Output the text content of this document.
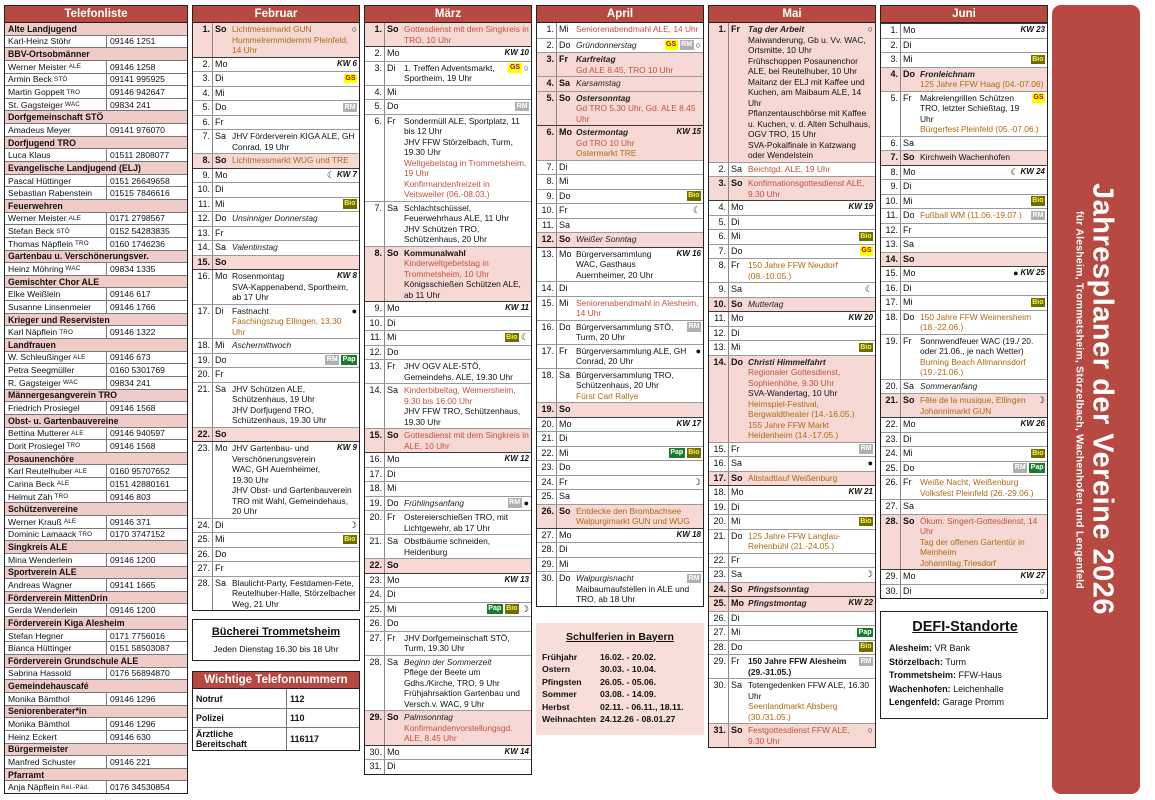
Telefonliste
Alte Landjugend
Karl-Heinz Stöhr	09146 1251
BBV-Ortsobmänner
Werner Meister ALE	09146 1258
Armin Beck STÖ	09141 995925
Martin Goppelt TRO	09146 942647
St. Gagsteiger WAC	09834 241
Dorfgemeinschaft STÖ
Amadeus Meyer	09141 976070
Dorfjugend TRO
Luca Klaus	01511 2808077
Evangelische Landjugend (ELJ)
Pascal Hüttinger	0151 26649658
Sebastian Rabenstein	01515 7846616
Feuerwehren
Werner Meister ALE	0171 2798567
Stefan Beck STÖ	0152 54283835
Thomas Näpflein TRO	0160 1746236
Gartenbau u. Verschönerungsver.
Heinz Möhring WAC	09834 1335
Gemischter Chor ALE
Elke Weißlein	09146 617
Susanne Linsenmeier	09146 1766
Krieger und Reservisten
Karl Näpflein TRO	09146 1322
Landfrauen
W. Schleußinger ALE	09146 673
Petra Seegmüller	0160 5301769
R. Gagsteiger WAC	09834 241
Männergesangverein TRO
Friedrich Prosiegel	09146 1568
Obst- u. Gartenbauvereine
Bettina Mutterer ALE	09146 940597
Dorit Prosiegel TRO	09146 1568
Posaunenchöre
Karl Reutelhuber ALE	0160 95707652
Carina Beck ALE	0151 42880161
Helmut Zäh TRO	09146 803
Schützenvereine
Werner Krauß ALE	09146 371
Dominic Lamaack TRO	0170 3747152
Singkreis ALE
Mina Wenderlein	09146 1200
Sportverein ALE
Andreas Wagner	09141 1665
Förderverein MittenDrin
Gerda Wenderlein	09146 1200
Förderverein Kiga Alesheim
Stefan Hegner	0171 7756016
Bianca Hüttinger	0151 58503087
Förderverein Grundschule ALE
Sabrina Hassold	0176 56894870
Gemeindehauscafé
Monika Bämthol	09146 1296
Seniorenberater*in
Monika Bämthol	09146 1296
Heinz Eckert	09146 630
Bürgermeister
Manfred Schuster	09146 221
Pfarramt
Anja Näpflein Rel.-Päd.	0176 34530854
Februar
1. So Lichtmessmarkt GUN	○
Hummelremmidemmi Pleinfeld, 14 Uhr
2. Mo	KW 6
3. Di	GS
4. Mi
5. Do	RM
6. Fr
7. Sa JHV Förderverein KIGA ALE, GH Conrad, 19 Uhr
8. So Lichtmessmarkt WUG und TRE
9. Mo	☾ KW 7
10. Di
11. Mi	Bio
12. Do Unsinniger Donnerstag
13. Fr
14. Sa Valentinstag
15. So
16. Mo Rosenmontag	KW 8
SVA-Kappenabend, Sportheim, ab 17 Uhr
17. Di	Fastnacht	●
Faschingszug Ellingen, 13.30 Uhr
18. Mi Aschermittwoch
19. Do	RM Pap
20. Fr
21. Sa JHV Schützen ALE, Schützenhaus, 19 Uhr
JHV Dorfjugend TRO, Schützenhaus, 19.30 Uhr
22. So
23. Mo JHV Gartenbau- und Verschönerungsverein WAC, GH Auernheimer, 19.30 Uhr
KW 9
JHV Obst- und Gartenbauverein TRO mit Wahl, Gemeindehaus, 20 Uhr
24. Di	☽
25. Mi	Bio
26. Do
27. Fr
28. Sa Blaulicht-Party, Festdamen-Fete, Reutelhuber-Halle, Störzelbacher Weg, 21 Uhr
Bücherei Trommetsheim
Jeden Dienstag 16.30 bis 18 Uhr
Wichtige Telefonnummern
Notruf	112
Polizei	110
Ärztliche Bereitschaft	116117
März
1. So Gottesdienst mit dem Singkreis in TRO, 10 Uhr
2. Mo	KW 10
3. Di	1. Treffen Adventsmarkt, Sportheim, 19 Uhr
GS ○
4. Mi
5. Do	RM
6. Fr	Sondermüll ALE, Sportplatz, 11 bis 12 Uhr
JHV FFW Störzelbach, Turm, 19.30 Uhr
Weltgebetstag in Trommetsheim, 19 Uhr
Konfirmandenfreizeit in Veitsweiler (06.-08.03.)
7. Sa Schlachtschüssel, Feuerwehrhaus ALE, 11 Uhr
JHV Schützen TRO, Schützenhaus, 20 Uhr
8. So Kommunalwahl
Kinderweltgebetstag in Trommetsheim, 10 Uhr
Königsschießen Schützen ALE, ab 11 Uhr
9. Mo	KW 11
10. Di
11. Mi	Bio ☾
12. Do
13. Fr	JHV OGV ALE-STÖ, Gemeindehs. ALE, 19.30 Uhr
14. Sa Kinderbibeltag, Weimersheim, 9.30 bis 16.00 Uhr
JHV FFW TRO, Schützenhaus, 19.30 Uhr
15. So Gottesdienst mit dem Singkreis in ALE, 10 Uhr
16. Mo	KW 12
17. Di
18. Mi
19. Do Frühlingsanfang	RM ●
20. Fr	Ostereierschießen TRO, mit Lichtgewehr, ab 17 Uhr
21. Sa Obstbäume schneiden, Heidenburg
22. So
23. Mo	KW 13
24. Di
25. Mi	Pap Bio ☽
26. Do
27. Fr	JHV Dorfgemeinschaft STÖ, Turm, 19.30 Uhr
28. Sa Beginn der Sommerzeit
Pflege der Beete um Gdhs./Kirche, TRO, 9 Uhr
Frühjahrsaktion Gartenbau und Versch.v. WAC, 9 Uhr
29. So Palmsonntag
Konfirmandenvorstellungsgd. ALE, 8.45 Uhr
30. Mo	KW 14
31. Di
April
1. Mi Seniorenabendmahl ALE, 14 Uhr
2. Do Gründonnerstag	GS RM ○
3. Fr Karfreitag
Gd ALE 8.45, TRO 10 Uhr
4. Sa Karsamstag
5. So Ostersonntag
Gd TRO 5.30 Uhr, Gd. ALE 8.45 Uhr
6. Mo Ostermontag	KW 15
Gd TRO 10 Uhr
Ostermarkt TRE
7. Di
8. Mi
9. Do	Bio
10. Fr	☾
11. Sa
12. So Weißer Sonntag
13. Mo Bürgerversammlung WAC, Gasthaus Auernheimer, 20 Uhr
KW 16
14. Di
15. Mi Seniorenabendmahl in Alesheim, 14 Uhr
16. Do Bürgerversammlung STÖ, Turm, 20 Uhr
RM
17. Fr	Bürgerversammlung ALE, GH Conrad, 20 Uhr
●
18. Sa Bürgerversammlung TRO, Schützenhaus, 20 Uhr
Fürst Carl Rallye
19. So
20. Mo	KW 17
21. Di
22. Mi	Pap Bio
23. Do
24. Fr	☽
25. Sa
26. So Entdecke den Brombachsee
Walpurgimarkt GUN und WUG
27. Mo	KW 18
28. Di
29. Mi
30. Do Walpurgisnacht	RM
Maibaumaufstellen in ALE und TRO, ab 18 Uhr
Schulferien in Bayern
Frühjahr	16.02. - 20.02.
Ostern	30.03. - 10.04.
Pfingsten	26.05. - 05.06.
Sommer	03.08. - 14.09.
Herbst	02.11. - 06.11., 18.11.
Weihnachten 24.12.26 - 08.01.27
Mai
1. Fr Tag der Arbeit	○
Maiwanderung, Gb u. Vv. WAC, Ortsmitte, 10 Uhr
Frühschoppen Posaunenchor ALE, bei Reutelhuber, 10 Uhr
Maitanz der ELJ mit Kaffee und Kuchen, am Maibaum ALE, 14 Uhr
Pflanzentauschbörse mit Kaffee u. Kuchen, v. d. Alten Schulhaus, OGV TRO, 15 Uhr
SVA-Pokalfinale in Katzwang oder Wendelstein
2. Sa Beichtgd. ALE, 19 Uhr
3. So Konfirmationsgottesdienst ALE, 9.30 Uhr
4. Mo	KW 19
5. Di
6. Mi	Bio
7. Do	GS
8. Fr	150 Jahre FFW Neudorf (08.-10.05.)
9. Sa	☾
10. So Muttertag
11. Mo	KW 20
12. Di
13. Mi	Bio
14. Do Christi Himmelfahrt
Regionaler Gottesdienst, Sophienhöhe, 9.30 Uhr
SVA-Wandertag, 10 Uhr
Heimspiel-Festival, Bergwaldtheater (14.-16.05.)
155 Jahre FFW Markt Heidenheim (14.-17.05.)
15. Fr	RM
16. Sa	●
17. So Altstadtlauf Weißenburg
18. Mo	KW 21
19. Di
20. Mi	Bio
21. Do 125 Jahre FFW Langlau-Rehenbühl (21.-24.05.)
22. Fr
23. Sa	☽
24. So Pfingstsonntag
25. Mo Pfingstmontag	KW 22
26. Di
27. Mi	Pap
28. Do	Bio
29. Fr	150 Jahre FFW Alesheim (29.-31.05.)
RM
30. Sa Totengedenken FFW ALE, 16.30 Uhr
Seenlandmarkt Absberg (30./31.05.)
31. So Festgottesdienst FFW ALE, 9.30 Uhr
○
Juni
1. Mo	KW 23
2. Di
3. Mi	Bio
4. Do Fronleichnam
125 Jahre FFW Haag (04.-07.06)
5. Fr	Makrelengrillen Schützen TRO, letzter Schießtag, 19 Uhr
GS
Bürgerfest Pleinfeld (05.-07.06.)
6. Sa
7. So Kirchweih Wachenhofen
8. Mo	☾ KW 24
9. Di
10. Mi	Bio
11. Do Fußball WM (11.06.-19.07.)	RM
12. Fr
13. Sa
14. So
15. Mo	● KW 25
16. Di
17. Mi	Bio
18. Do 150 Jahre FFW Weimersheim (18.-22.06.)
19. Fr	Sonnwendfeuer WAC (19./ 20. oder 21.06., je nach Wetter)
Burning Beach Allmannsdorf (19.-21.06.)
20. Sa Sommeranfang
21. So Fête de la musique, Ellingen	☽
Johannimarkt GUN
22. Mo	KW 26
23. Di
24. Mi	Bio
25. Do	RM Pap
26. Fr	Weiße Nacht, Weißenburg
Volksfest Pleinfeld (26.-29.06.)
27. Sa
28. So Ökum. Singert-Gottesdienst, 14 Uhr
Tag der offenen Gartentür in Meinheim
Johannitag Triesdorf
29. Mo	KW 27
30. Di	○
DEFI-Standorte
Alesheim: VR Bank
Störzelbach: Turm
Trommetsheim: FFW-Haus
Wachenhofen: Leichenhalle
Lengenfeld: Garage Promm
Jahresplaner der Vereine 2026
für Alesheim, Trommetsheim, Störzelbach, Wachenhofen und Lengenfeld
